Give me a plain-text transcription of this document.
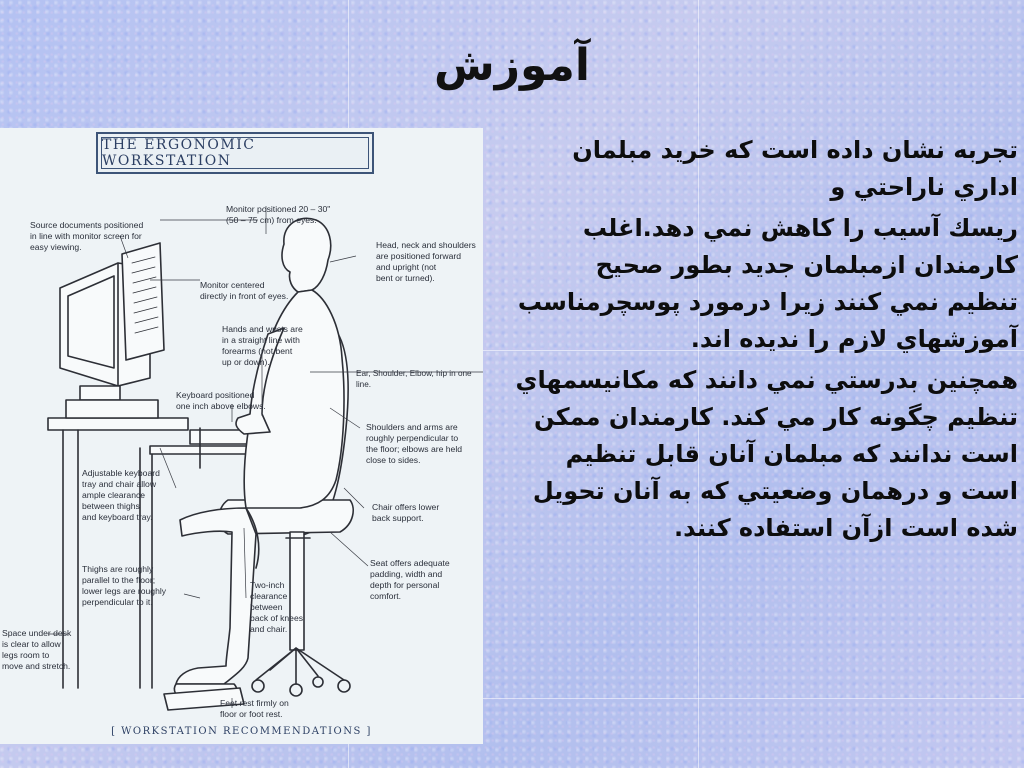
آموزش
THE ERGONOMIC WORKSTATION
Source documents positioned
in line with monitor screen for
easy viewing.
Monitor positioned 20 – 30"
(50 – 75 cm) from eyes.
Monitor centered
directly in front of eyes.
Head, neck and shoulders
are positioned forward
and upright (not
bent or turned).
Hands and wrists are
in a straight line with
forearms (not bent
up or down).
Ear, Shoulder, Elbow, hip in one line.
Keyboard positioned
one inch above elbows.
Shoulders and arms are
roughly perpendicular to
the floor; elbows are held
close to sides.
Adjustable keyboard
tray and chair allow
ample clearance
between thighs
and keyboard tray.
Chair offers lower
back support.
Seat offers adequate
padding, width and
depth for personal
comfort.
Thighs are roughly
parallel to the floor;
lower legs are roughly
perpendicular to it.
Two-inch
clearance
between
back of knees
and chair.
Space under desk
is clear to allow
legs room to
move and stretch.
Feet rest firmly on
floor or foot rest.
[ WORKSTATION RECOMMENDATIONS ]

تجربه نشان داده است که خريد مبلمان
اداري ناراحتي و

ريسك آسيب را كاهش نمي دهد.اغلب
كارمندان ازمبلمان جديد بطور صحيح
تنظيم نمي كنند زيرا درمورد پوسچرمناسب
آموزشهاي لازم را نديده اند.

همچنين بدرستي نمي دانند كه مكانيسمهاي
تنظيم چگونه كار مي كند. كارمندان ممكن
است ندانند كه مبلمان آنان قابل تنظيم
است و درهمان وضعيتي كه به آنان تحويل
شده است ازآن استفاده كنند.
